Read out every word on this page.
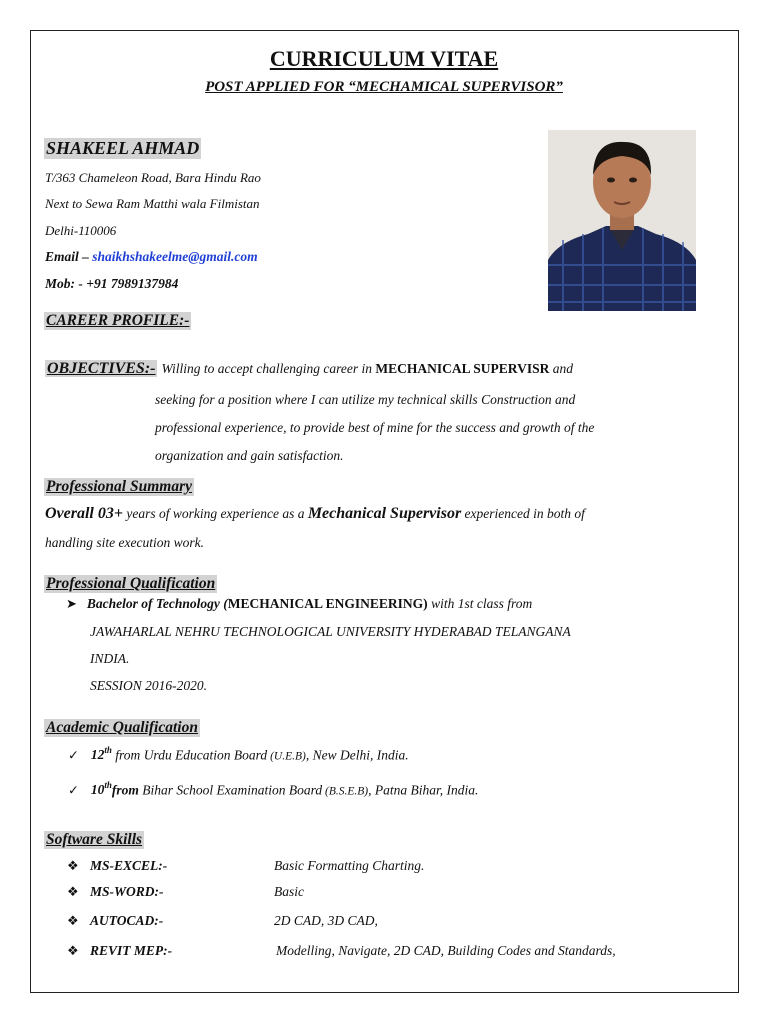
CURRICULUM VITAE
POST APPLIED FOR “MECHAMICAL SUPERVISOR”
SHAKEEL AHMAD
T/363 Chameleon Road, Bara Hindu Rao
Next to Sewa Ram Matthi wala Filmistan
Delhi-110006
Email – shaikhshakeelme@gmail.com
Mob: - +91 7989137984
CAREER PROFILE:-
OBJECTIVES:- Willing to accept challenging career in MECHANICAL SUPERVISR and
seeking for a position where I can utilize my technical skills Construction and
professional experience, to provide best of mine for the success and growth of the
organization and gain satisfaction.
Professional Summary
Overall 03+ years of working experience as a Mechanical Supervisor experienced in both of
handling site execution work.
Professional Qualification
➤ Bachelor of Technology (MECHANICAL ENGINEERING) with 1st class from
JAWAHARLAL NEHRU TECHNOLOGICAL UNIVERSITY HYDERABAD TELANGANA
INDIA.
SESSION 2016-2020.
Academic Qualification
✓ 12th from Urdu Education Board (U.E.B), New Delhi, India.
✓ 10thfrom Bihar School Examination Board (B.S.E.B), Patna Bihar, India.
Software Skills
❖ MS-EXCEL:-	Basic Formatting Charting.
❖ MS-WORD:-	Basic
❖ AUTOCAD:-	2D CAD, 3D CAD,
❖ REVIT MEP:-	Modelling, Navigate, 2D CAD, Building Codes and Standards,
